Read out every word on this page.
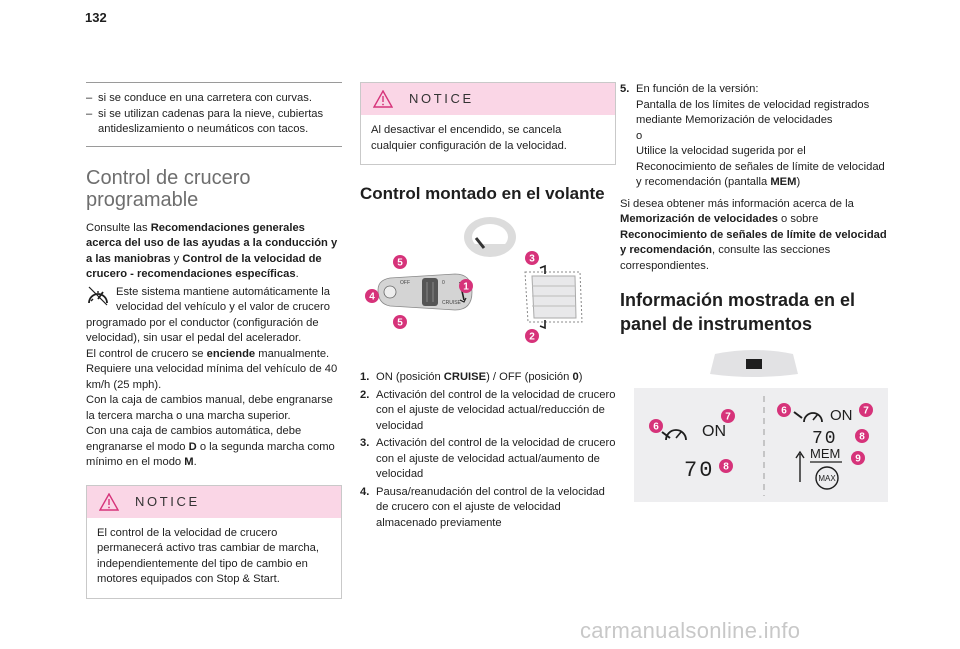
132
– si se conduce en una carretera con curvas.
– si se utilizan cadenas para la nieve, cubiertas antideslizamiento o neumáticos con tacos.
Control de crucero programable

Consulte las Recomendaciones generales acerca del uso de las ayudas a la conducción y a las maniobras y Control de la velocidad de crucero - recomendaciones específicas.

Este sistema mantiene automáticamente la velocidad del vehículo y el valor de crucero programado por el conductor (configuración de velocidad), sin usar el pedal del acelerador.
El control de crucero se enciende manualmente.
Requiere una velocidad mínima del vehículo de 40 km/h (25 mph).
Con la caja de cambios manual, debe engranarse la tercera marcha o una marcha superior.
Con una caja de cambios automática, debe engranarse el modo D o la segunda marcha como mínimo en el modo M.
NOTICE
El control de la velocidad de crucero permanecerá activo tras cambiar de marcha, independientemente del tipo de cambio en motores equipados con Stop & Start.
NOTICE
Al desactivar el encendido, se cancela cualquier configuración de la velocidad.
Control montado en el volante
OFF	0
CRUISE
1
2
3
4
5
5
1. ON (posición CRUISE) / OFF (posición 0)
2. Activación del control de la velocidad de crucero con el ajuste de velocidad actual/reducción de velocidad
3. Activación del control de la velocidad de crucero con el ajuste de velocidad actual/aumento de velocidad
4. Pausa/reanudación del control de la velocidad de crucero con el ajuste de velocidad almacenado previamente
5. En función de la versión:
Pantalla de los límites de velocidad registrados mediante Memorización de velocidades
o
Utilice la velocidad sugerida por el Reconocimiento de señales de límite de velocidad y recomendación (pantalla MEM)

Si desea obtener más información acerca de la Memorización de velocidades o sobre Reconocimiento de señales de límite de velocidad y recomendación, consulte las secciones correspondientes.

Información mostrada en el panel de instrumentos
ON
70
ON
70
MEM
MAX
6
7
8
6	7
8
9
carmanualsonline.info
